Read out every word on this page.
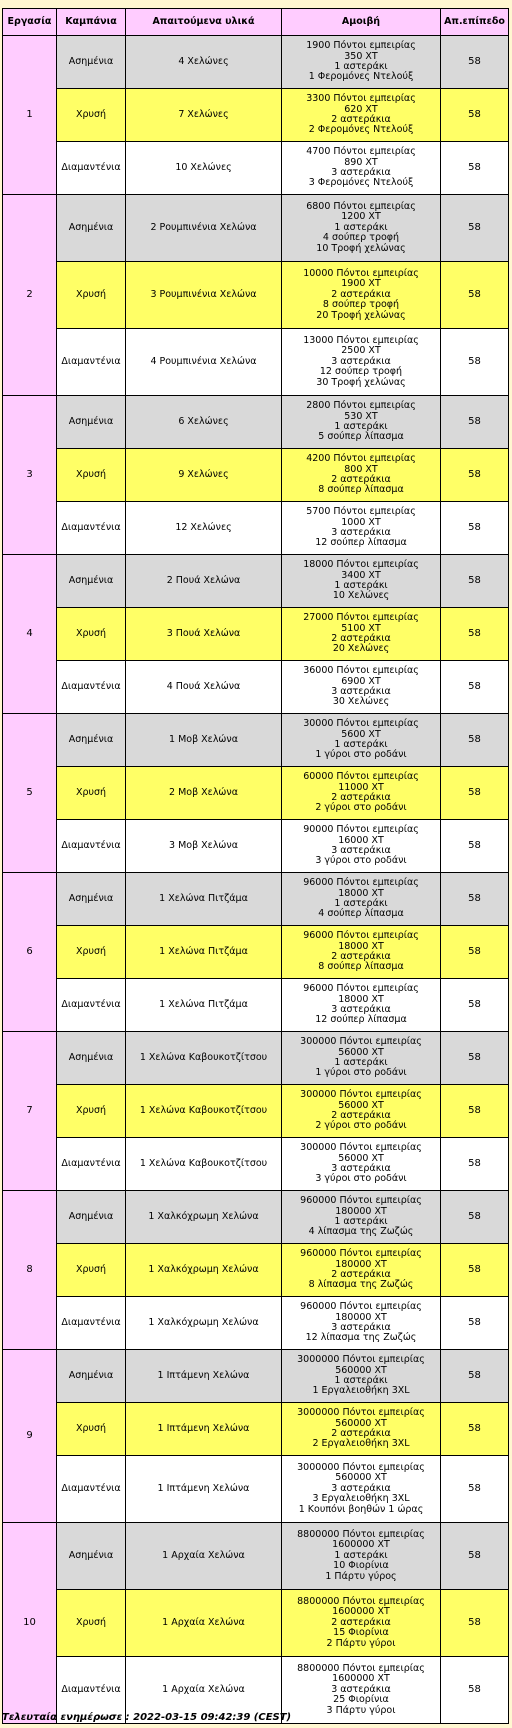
Εργασία	Καμπάνια	Απαιτούμενα υλικά	Αμοιβή	Απ.επίπεδο
1	Ασημένια	4 Χελώνες	1900 Πόντοι εμπειρίας
350 ΧΤ
1 αστεράκι
1 Φερομόνες Ντελούξ	58
	Χρυσή	7 Χελώνες	3300 Πόντοι εμπειρίας
620 ΧΤ
2 αστεράκια
2 Φερομόνες Ντελούξ	58
	Διαμαντένια	10 Χελώνες	4700 Πόντοι εμπειρίας
890 ΧΤ
3 αστεράκια
3 Φερομόνες Ντελούξ	58
2	Ασημένια	2 Ρουμπινένια Χελώνα	6800 Πόντοι εμπειρίας
1200 ΧΤ
1 αστεράκι
4 σούπερ τροφή
10 Τροφή χελώνας	58
	Χρυσή	3 Ρουμπινένια Χελώνα	10000 Πόντοι εμπειρίας
1900 ΧΤ
2 αστεράκια
8 σούπερ τροφή
20 Τροφή χελώνας	58
	Διαμαντένια	4 Ρουμπινένια Χελώνα	13000 Πόντοι εμπειρίας
2500 ΧΤ
3 αστεράκια
12 σούπερ τροφή
30 Τροφή χελώνας	58
3	Ασημένια	6 Χελώνες	2800 Πόντοι εμπειρίας
530 ΧΤ
1 αστεράκι
5 σούπερ λίπασμα	58
	Χρυσή	9 Χελώνες	4200 Πόντοι εμπειρίας
800 ΧΤ
2 αστεράκια
8 σούπερ λίπασμα	58
	Διαμαντένια	12 Χελώνες	5700 Πόντοι εμπειρίας
1000 ΧΤ
3 αστεράκια
12 σούπερ λίπασμα	58
4	Ασημένια	2 Πουά Χελώνα	18000 Πόντοι εμπειρίας
3400 ΧΤ
1 αστεράκι
10 Χελώνες	58
	Χρυσή	3 Πουά Χελώνα	27000 Πόντοι εμπειρίας
5100 ΧΤ
2 αστεράκια
20 Χελώνες	58
	Διαμαντένια	4 Πουά Χελώνα	36000 Πόντοι εμπειρίας
6900 ΧΤ
3 αστεράκια
30 Χελώνες	58
5	Ασημένια	1 Μοβ Χελώνα	30000 Πόντοι εμπειρίας
5600 ΧΤ
1 αστεράκι
1 γύροι στο ροδάνι	58
	Χρυσή	2 Μοβ Χελώνα	60000 Πόντοι εμπειρίας
11000 ΧΤ
2 αστεράκια
2 γύροι στο ροδάνι	58
	Διαμαντένια	3 Μοβ Χελώνα	90000 Πόντοι εμπειρίας
16000 ΧΤ
3 αστεράκια
3 γύροι στο ροδάνι	58
6	Ασημένια	1 Χελώνα Πιτζάμα	96000 Πόντοι εμπειρίας
18000 ΧΤ
1 αστεράκι
4 σούπερ λίπασμα	58
	Χρυσή	1 Χελώνα Πιτζάμα	96000 Πόντοι εμπειρίας
18000 ΧΤ
2 αστεράκια
8 σούπερ λίπασμα	58
	Διαμαντένια	1 Χελώνα Πιτζάμα	96000 Πόντοι εμπειρίας
18000 ΧΤ
3 αστεράκια
12 σούπερ λίπασμα	58
7	Ασημένια	1 Χελώνα Καβουκοτζίτσου	300000 Πόντοι εμπειρίας
56000 ΧΤ
1 αστεράκι
1 γύροι στο ροδάνι	58
	Χρυσή	1 Χελώνα Καβουκοτζίτσου	300000 Πόντοι εμπειρίας
56000 ΧΤ
2 αστεράκια
2 γύροι στο ροδάνι	58
	Διαμαντένια	1 Χελώνα Καβουκοτζίτσου	300000 Πόντοι εμπειρίας
56000 ΧΤ
3 αστεράκια
3 γύροι στο ροδάνι	58
8	Ασημένια	1 Χαλκόχρωμη Χελώνα	960000 Πόντοι εμπειρίας
180000 ΧΤ
1 αστεράκι
4 λίπασμα της Ζωζώς	58
	Χρυσή	1 Χαλκόχρωμη Χελώνα	960000 Πόντοι εμπειρίας
180000 ΧΤ
2 αστεράκια
8 λίπασμα της Ζωζώς	58
	Διαμαντένια	1 Χαλκόχρωμη Χελώνα	960000 Πόντοι εμπειρίας
180000 ΧΤ
3 αστεράκια
12 λίπασμα της Ζωζώς	58
9	Ασημένια	1 Ιπτάμενη Χελώνα	3000000 Πόντοι εμπειρίας
560000 ΧΤ
1 αστεράκι
1 Εργαλειοθήκη 3XL	58
	Χρυσή	1 Ιπτάμενη Χελώνα	3000000 Πόντοι εμπειρίας
560000 ΧΤ
2 αστεράκια
2 Εργαλειοθήκη 3XL	58
	Διαμαντένια	1 Ιπτάμενη Χελώνα	3000000 Πόντοι εμπειρίας
560000 ΧΤ
3 αστεράκια
3 Εργαλειοθήκη 3XL
1 Κουπόνι βοηθών 1 ώρας	58
10	Ασημένια	1 Αρχαία Χελώνα	8800000 Πόντοι εμπειρίας
1600000 ΧΤ
1 αστεράκι
10 Φιορίνια
1 Πάρτυ γύρος	58
	Χρυσή	1 Αρχαία Χελώνα	8800000 Πόντοι εμπειρίας
1600000 ΧΤ
2 αστεράκια
15 Φιορίνια
2 Πάρτυ γύροι	58
	Διαμαντένια	1 Αρχαία Χελώνα	8800000 Πόντοι εμπειρίας
1600000 ΧΤ
3 αστεράκια
25 Φιορίνια
3 Πάρτυ γύροι	58
Τελευταία ενημέρωσε : 2022-03-15 09:42:39 (CEST)
